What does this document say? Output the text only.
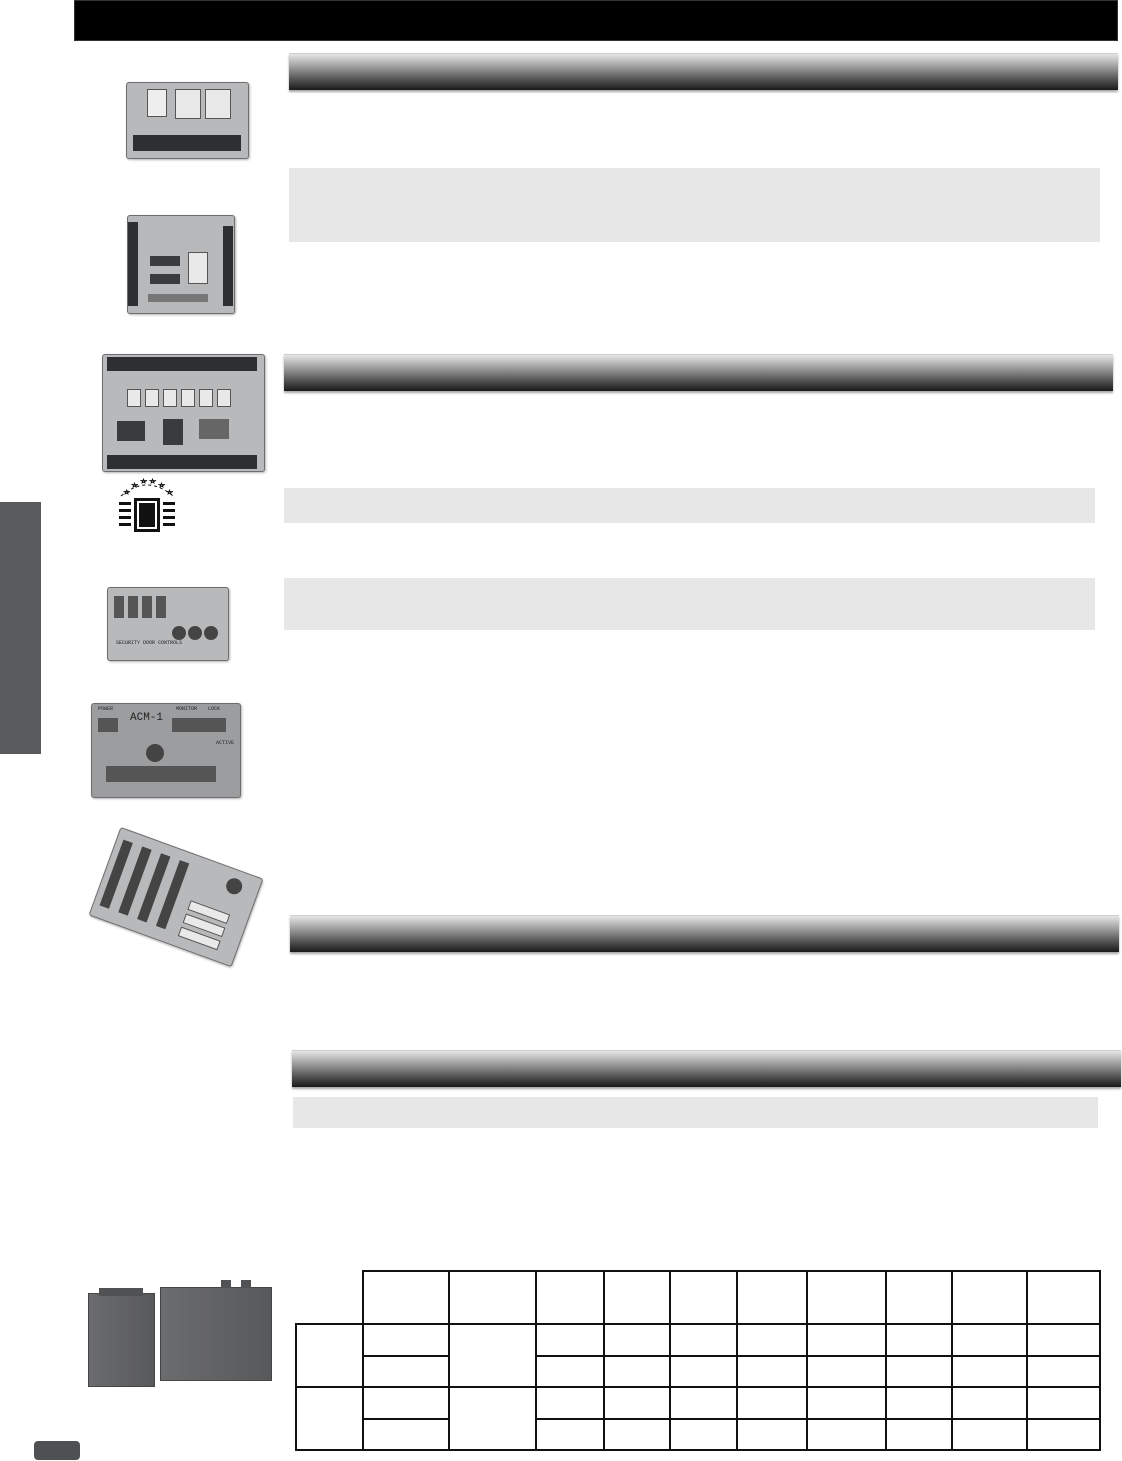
SECURITY DOOR CONTROLS
POWER	MONITOR LOCK
ACM-1
ACTIVE
